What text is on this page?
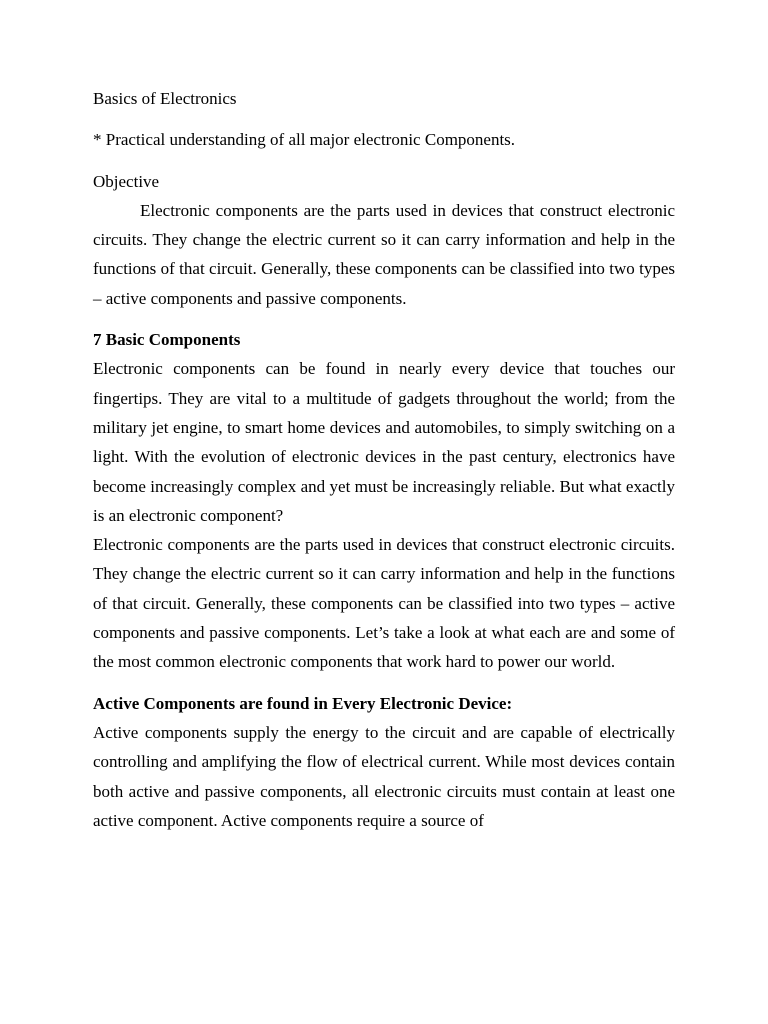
Basics of Electronics
* Practical understanding of all major electronic Components.
Objective

Electronic components are the parts used in devices that construct electronic circuits. They change the electric current so it can carry information and help in the functions of that circuit. Generally, these components can be classified into two types – active components and passive components.

7 Basic Components

Electronic components can be found in nearly every device that touches our fingertips. They are vital to a multitude of gadgets throughout the world; from the military jet engine, to smart home devices and automobiles, to simply switching on a light. With the evolution of electronic devices in the past century, electronics have become increasingly complex and yet must be increasingly reliable. But what exactly is an electronic component?

Electronic components are the parts used in devices that construct electronic circuits. They change the electric current so it can carry information and help in the functions of that circuit. Generally, these components can be classified into two types – active components and passive components. Let’s take a look at what each are and some of the most common electronic components that work hard to power our world.

Active Components are found in Every Electronic Device:

Active components supply the energy to the circuit and are capable of electrically controlling and amplifying the flow of electrical current. While most devices contain both active and passive components, all electronic circuits must contain at least one active component. Active components require a source of
